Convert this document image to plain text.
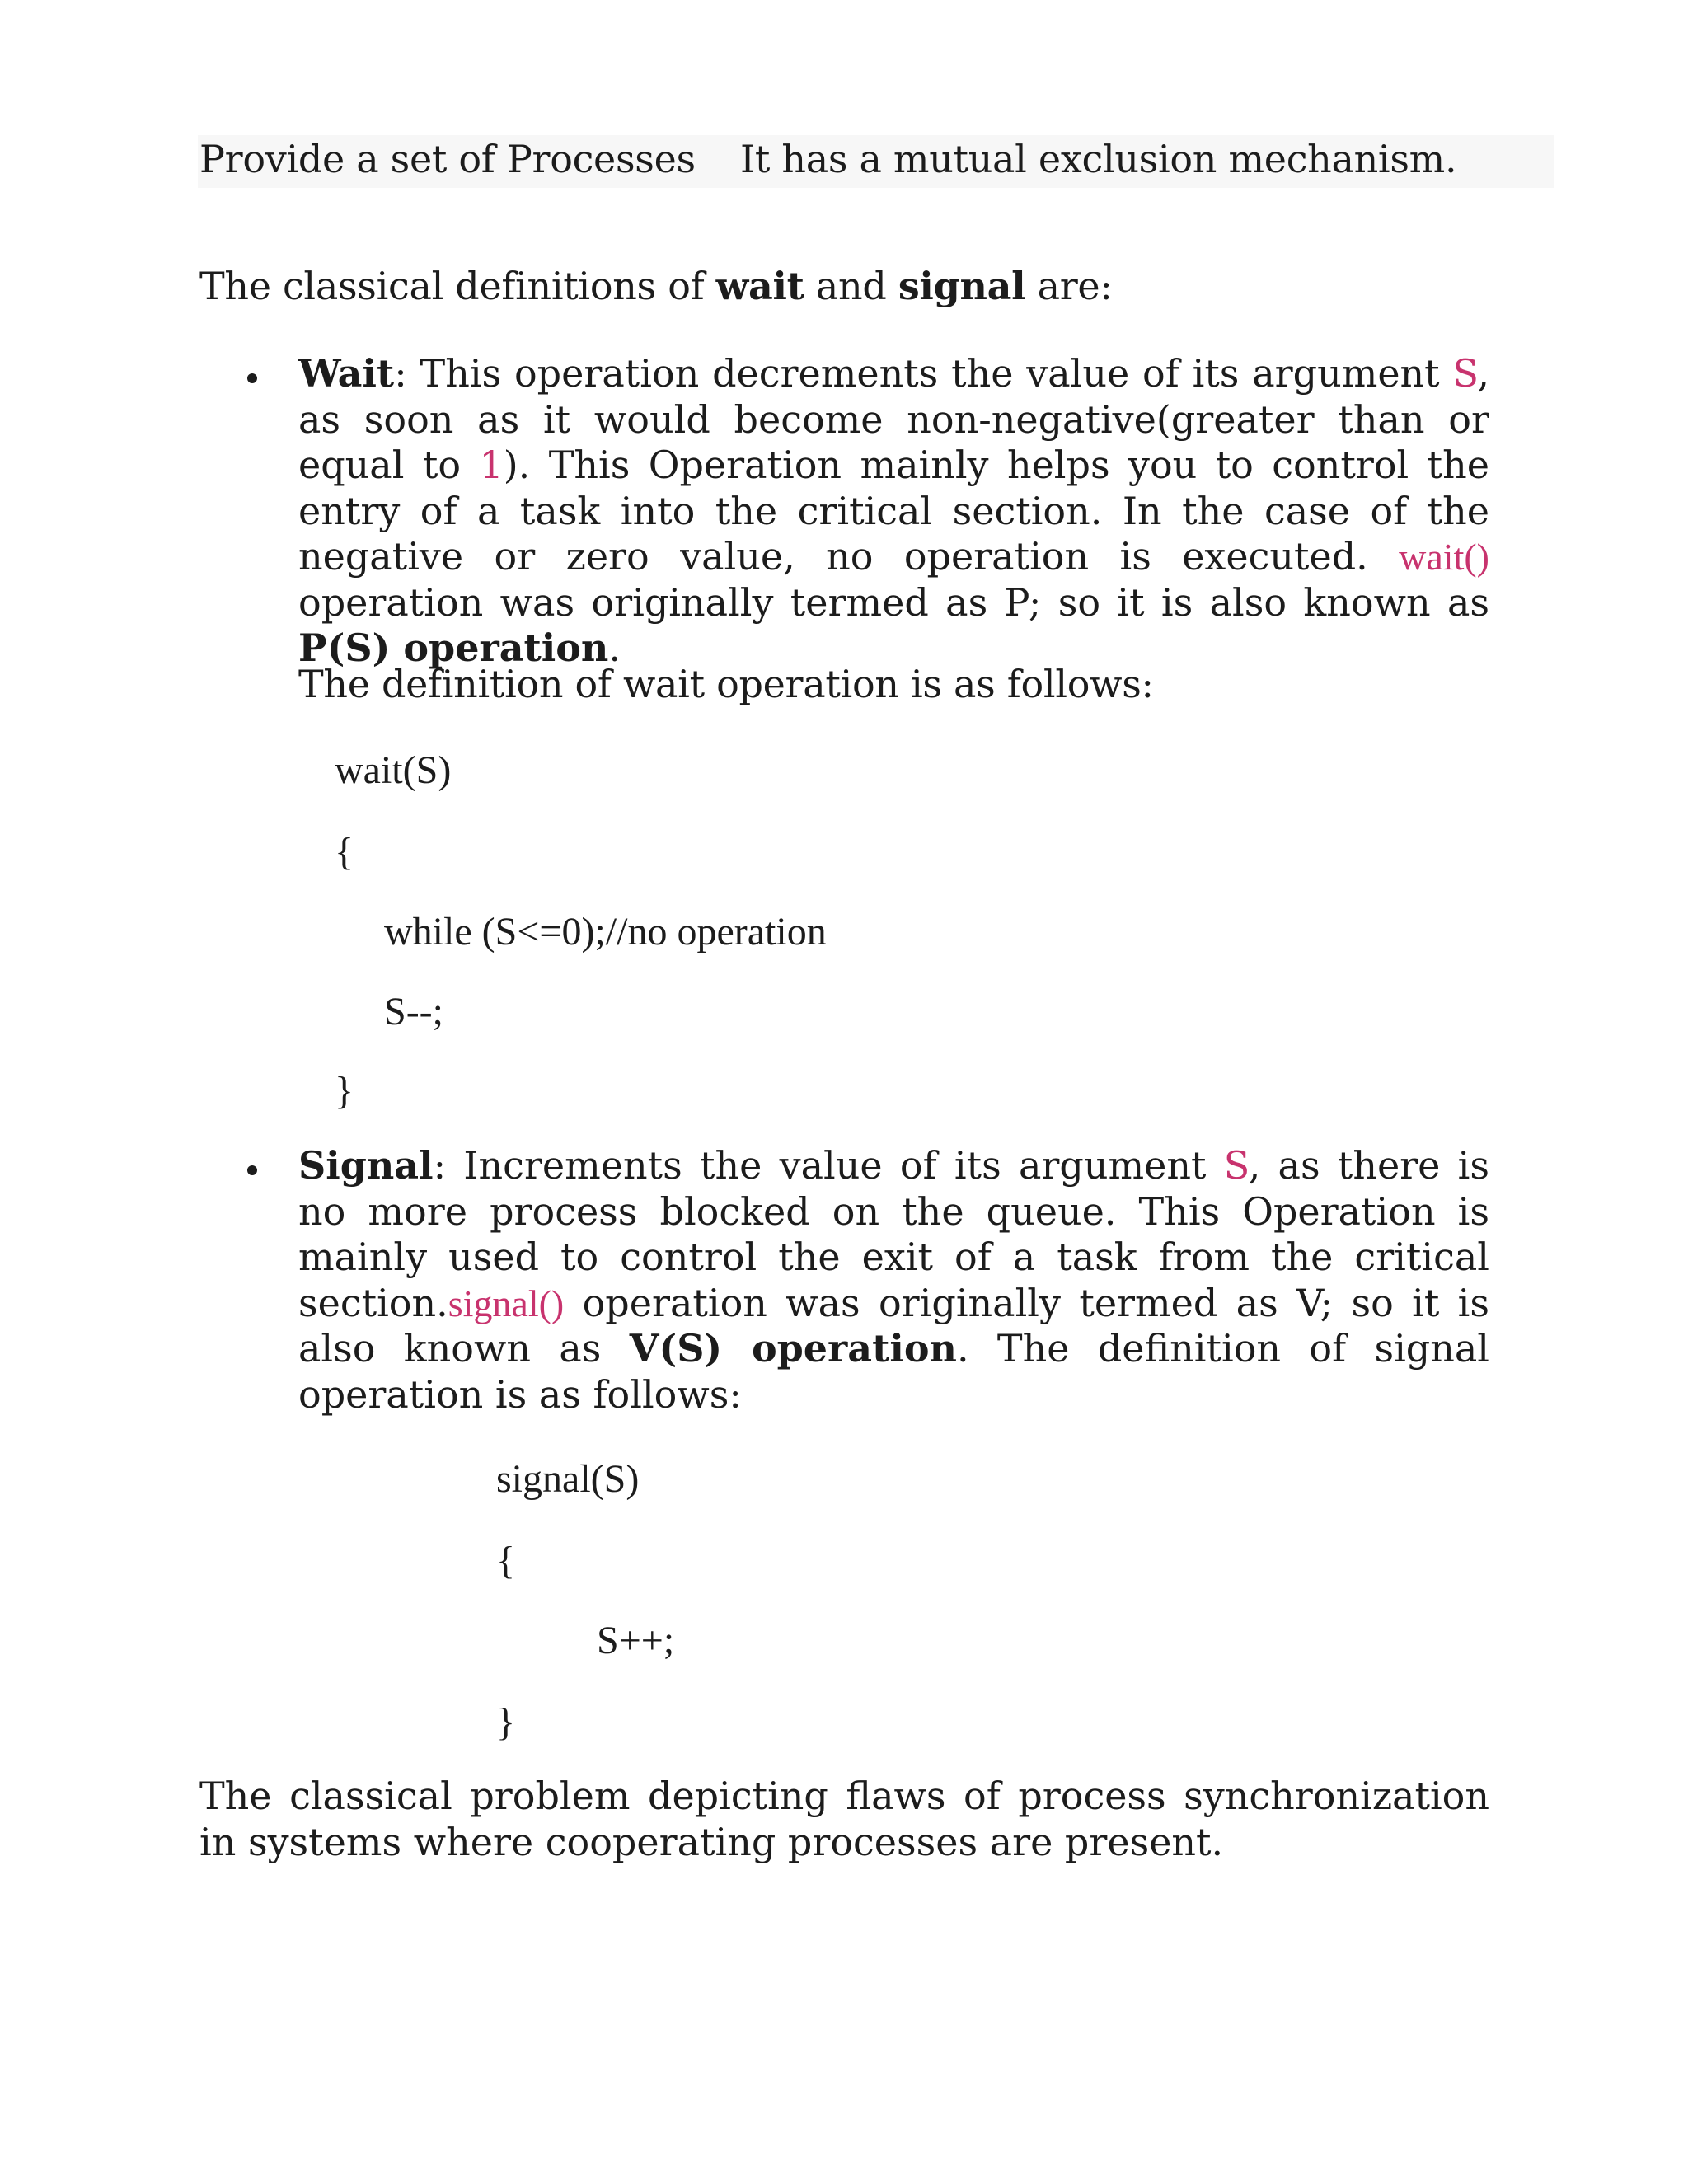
Provide a set of Processes It has a mutual exclusion mechanism.
The classical definitions of wait and signal are:

Wait: This operation decrements the value of its argument S, as soon as it would become non-negative(greater than or equal to 1). This Operation mainly helps you to control the entry of a task into the critical section. In the case of the negative or zero value, no operation is executed. wait() operation was originally termed as P; so it is also known as P(S) operation.

The definition of wait operation is as follows:
wait(S)
{
while (S<=0);//no operation
S--;
}

Signal: Increments the value of its argument S, as there is no more process blocked on the queue. This Operation is mainly used to control the exit of a task from the critical section.signal() operation was originally termed as V; so it is also known as V(S) operation. The definition of signal operation is as follows:

signal(S)
{
S++;
}

The classical problem depicting flaws of process synchronization in systems where cooperating processes are present.
